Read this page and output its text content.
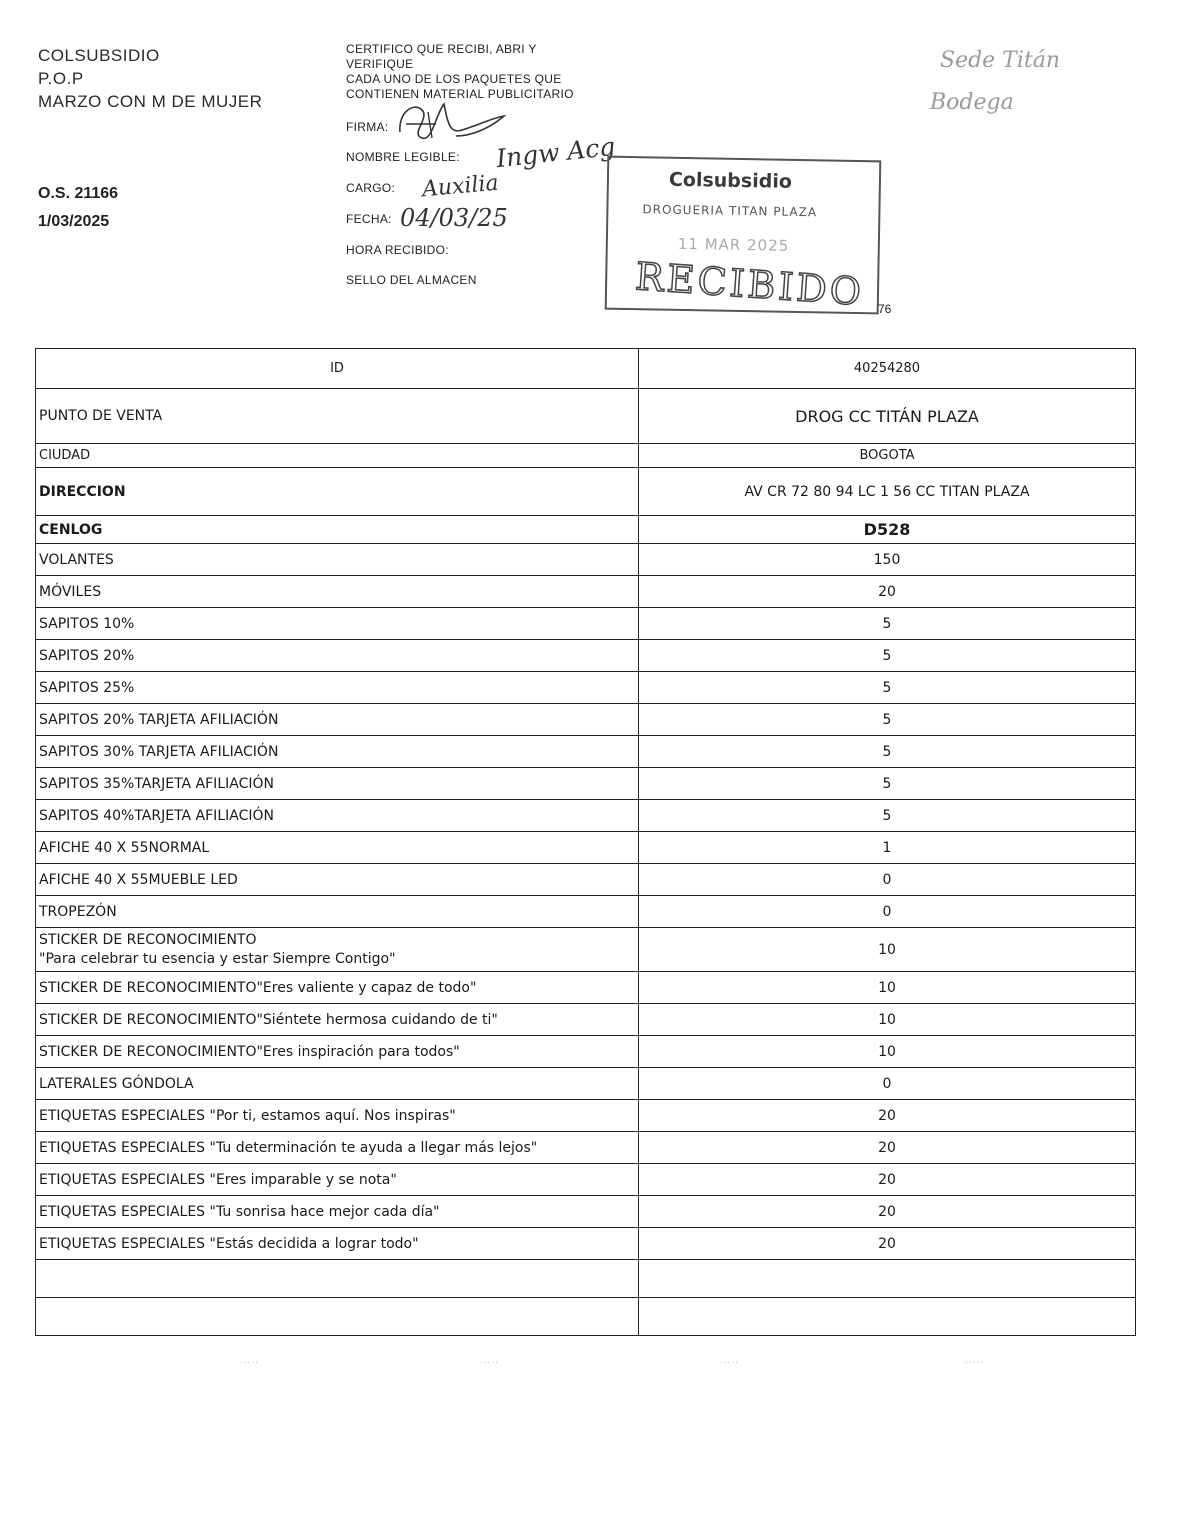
COLSUBSIDIO
P.O.P
MARZO CON M DE MUJER
O.S. 21166
1/03/2025
CERTIFICO QUE RECIBI, ABRI Y
VERIFIQUE
CADA UNO DE LOS PAQUETES QUE
CONTIENEN MATERIAL PUBLICITARIO
FIRMA:
NOMBRE LEGIBLE:
CARGO:
FECHA:
HORA RECIBIDO:
SELLO DEL ALMACEN
Ingw Acg
Auxilia
04/03/25
Sede Titán
Bodega
Colsubsidio
DROGUERIA TITAN PLAZA
11 MAR 2025
RECIBIDO 76
ID	40254280
PUNTO DE VENTA	DROG CC TITÁN PLAZA
CIUDAD	BOGOTA
DIRECCION	AV CR 72 80 94 LC 1 56 CC TITAN PLAZA
CENLOG	D528
VOLANTES	150
MÓVILES	20
SAPITOS 10%	5
SAPITOS 20%	5
SAPITOS 25%	5
SAPITOS 20% TARJETA AFILIACIÓN	5
SAPITOS 30% TARJETA AFILIACIÓN	5
SAPITOS 35%TARJETA AFILIACIÓN	5
SAPITOS 40%TARJETA AFILIACIÓN	5
AFICHE 40 X 55NORMAL	1
AFICHE 40 X 55MUEBLE LED	0
TROPEZÓN	0

STICKER DE RECONOCIMIENTO
"Para celebrar tu esencia y estar Siempre Contigo"	10
STICKER DE RECONOCIMIENTO"Eres valiente y capaz de todo"	10
STICKER DE RECONOCIMIENTO"Siéntete hermosa cuidando de ti"	10
STICKER DE RECONOCIMIENTO"Eres inspiración para todos"	10
LATERALES GÓNDOLA	0
ETIQUETAS ESPECIALES "Por ti, estamos aquí. Nos inspiras"	20
ETIQUETAS ESPECIALES "Tu determinación te ayuda a llegar más lejos"	20
ETIQUETAS ESPECIALES "Eres imparable y se nota"	20
ETIQUETAS ESPECIALES "Tu sonrisa hace mejor cada día"	20
ETIQUETAS ESPECIALES "Estás decidida a lograr todo"	20

.....	.....	.....	.....
